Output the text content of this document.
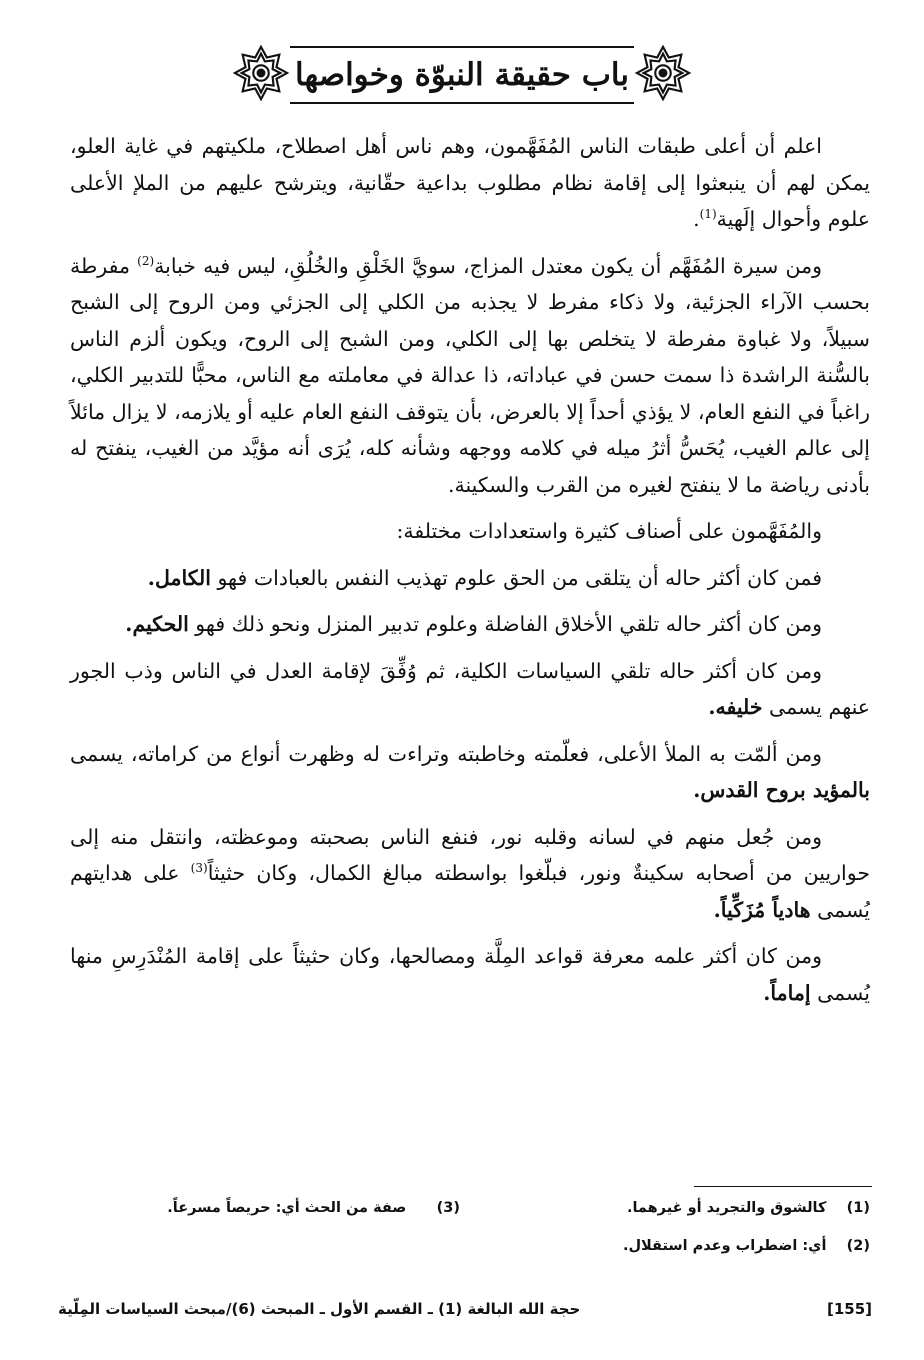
باب حقيقة النبوّة وخواصها

اعلم أن أعلى طبقات الناس المُفَهَّمون، وهم ناس أهل اصطلاح، ملكيتهم في غاية العلو، يمكن لهم أن ينبعثوا إلى إقامة نظام مطلوب بداعية حقّانية، ويترشح عليهم من الملإ الأعلى علوم وأحوال إلَهية$^{(1)}$.

ومن سيرة المُفَهَّم أن يكون معتدل المزاج، سويَّ الخَلْقِ والخُلُقِ، ليس فيه خبابة$^{(2)}$ مفرطة بحسب الآراء الجزئية، ولا ذكاء مفرط لا يجذبه من الكلي إلى الجزئي ومن الروح إلى الشبح سبيلاً، ولا غباوة مفرطة لا يتخلص بها إلى الكلي، ومن الشبح إلى الروح، ويكون ألزم الناس بالسُّنة الراشدة ذا سمت حسن في عباداته، ذا عدالة في معاملته مع الناس، محبًّا للتدبير الكلي، راغباً في النفع العام، لا يؤذي أحداً إلا بالعرض، بأن يتوقف النفع العام عليه أو يلازمه، لا يزال مائلاً إلى عالم الغيب، يُحَسُّ أثرُ ميله في كلامه ووجهه وشأنه كله، يُرَى أنه مؤيَّد من الغيب، ينفتح له بأدنى رياضة ما لا ينفتح لغيره من القرب والسكينة.

والمُفَهَّمون على أصناف كثيرة واستعدادات مختلفة:

فمن كان أكثر حاله أن يتلقى من الحق علوم تهذيب النفس بالعبادات فهو الكامل.

ومن كان أكثر حاله تلقي الأخلاق الفاضلة وعلوم تدبير المنزل ونحو ذلك فهو الحكيم.

ومن كان أكثر حاله تلقي السياسات الكلية، ثم وُفِّقَ لإقامة العدل في الناس وذب الجور عنهم يسمى خليفه.

ومن ألمّت به الملأ الأعلى، فعلّمته وخاطبته وتراءت له وظهرت أنواع من كراماته، يسمى بالمؤيد بروح القدس.

ومن جُعل منهم في لسانه وقلبه نور، فنفع الناس بصحبته وموعظته، وانتقل منه إلى حواريين من أصحابه سكينةٌ ونور، فبلّغوا بواسطته مبالغ الكمال، وكان حثيثاً$^{(3)}$ على هدايتهم يُسمى هادياً مُزَكِّياً.

ومن كان أكثر علمه معرفة قواعد المِلَّة ومصالحها، وكان حثيثاً على إقامة المُنْدَرِسِ منها يُسمى إماماً.

(1)    كالشوق والتجريد أو غيرهما.
(3)      صفة من الحث أي: حريصاً مسرعاً.
(2)    أي: اضطراب وعدم استقلال.
[155]
حجة الله البالغة (1) ـ القسم الأول ـ المبحث (6)/مبحث السياسات المِلّية
